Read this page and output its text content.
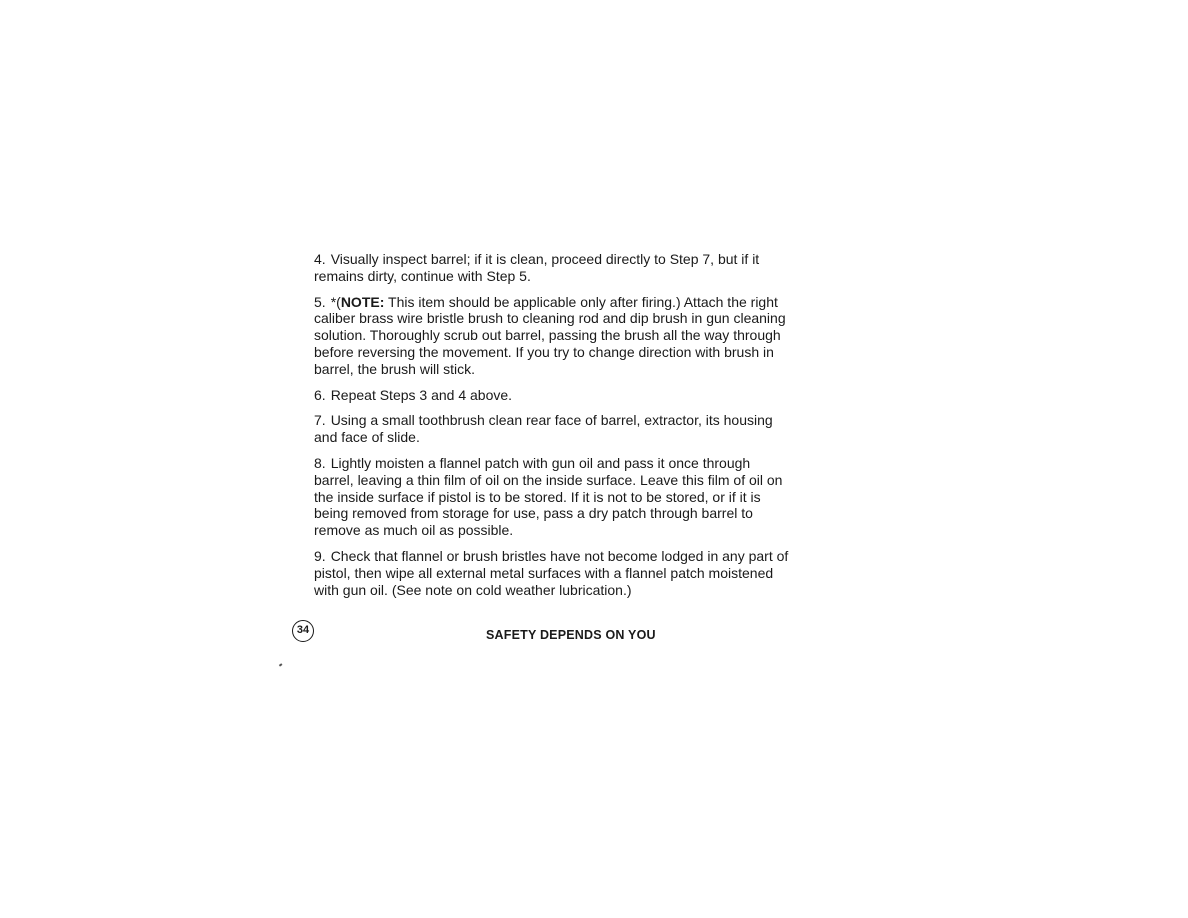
4. Visually inspect barrel; if it is clean, proceed directly to Step 7, but if it
remains dirty, continue with Step 5.

5. *(NOTE: This item should be applicable only after firing.) Attach the right
caliber brass wire bristle brush to cleaning rod and dip brush in gun cleaning
solution. Thoroughly scrub out barrel, passing the brush all the way through
before reversing the movement. If you try to change direction with brush in
barrel, the brush will stick.

6. Repeat Steps 3 and 4 above.

7. Using a small toothbrush clean rear face of barrel, extractor, its housing
and face of slide.

8. Lightly moisten a flannel patch with gun oil and pass it once through
barrel, leaving a thin film of oil on the inside surface. Leave this film of oil on
the inside surface if pistol is to be stored. If it is not to be stored, or if it is
being removed from storage for use, pass a dry patch through barrel to
remove as much oil as possible.

9. Check that flannel or brush bristles have not become lodged in any part of
pistol, then wipe all external metal surfaces with a flannel patch moistened
with gun oil. (See note on cold weather lubrication.)

34	SAFETY DEPENDS ON YOU
